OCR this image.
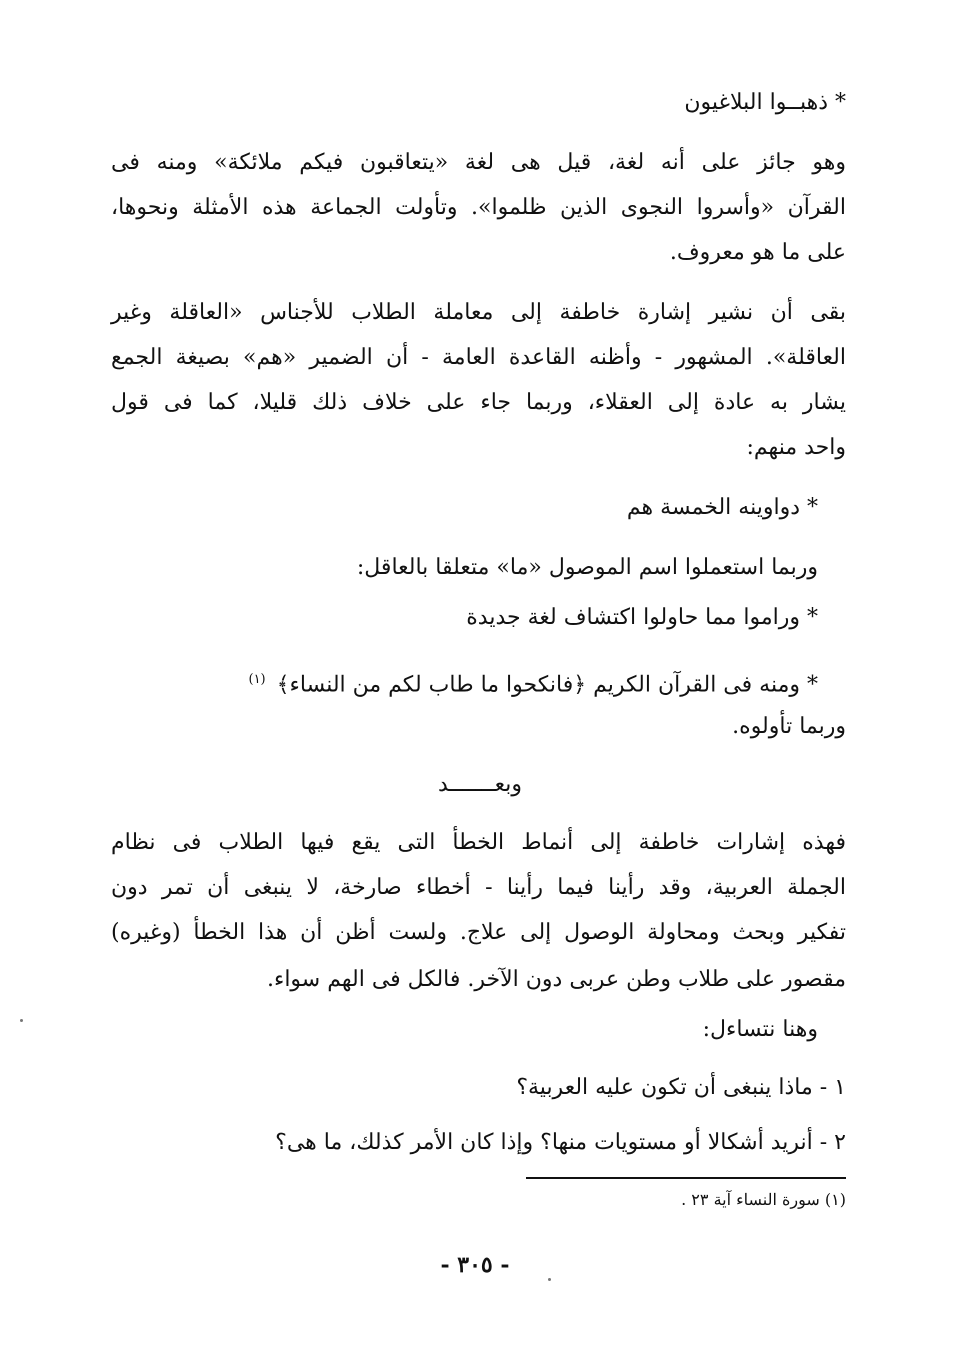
* ذهبــوا البلاغيون
وهو جائز على أنه لغة، قيل هى لغة «يتعاقبون فيكم ملائكة» ومنه فى
القرآن «وأسروا النجوى الذين ظلموا». وتأولت الجماعة هذه الأمثلة ونحوها،
على ما هو معروف.
بقى أن نشير إشارة خاطفة إلى معاملة الطلاب للأجناس «العاقلة وغير
العاقلة». المشهور - وأظنه القاعدة العامة - أن الضمير «هم» بصيغة الجمع
يشار به عادة إلى العقلاء، وربما جاء على خلاف ذلك قليلا، كما فى قول
واحد منهم:
* دواوينه الخمسة هم
وربما استعملوا اسم الموصول «ما» متعلقا بالعاقل:
* وراموا مما حاولوا اكتشاف لغة جديدة
* ومنه فى القرآن الكريم ﴿فانكحوا ما طاب لكم من النساء﴾ $^{(١)}$
وربما تأولوه.
وبعـــــــد
فهذه إشارات خاطفة إلى أنماط الخطأ التى يقع فيها الطلاب فى نظام
الجملة العربية، وقد رأينا فيما رأينا - أخطاء صارخة، لا ينبغى أن تمر دون
تفكير وبحث ومحاولة الوصول إلى علاج. ولست أظن أن هذا الخطأ (وغيره)
مقصور على طلاب وطن عربى دون الآخر. فالكل فى الهم سواء.
وهنا نتساءل:
١ - ماذا ينبغى أن تكون عليه العربية؟
٢ - أنريد أشكالا أو مستويات منها؟ وإذا كان الأمر كذلك، ما هى؟
(١) سورة النساء آية ٢٣ .
- ٣٠٥ -
